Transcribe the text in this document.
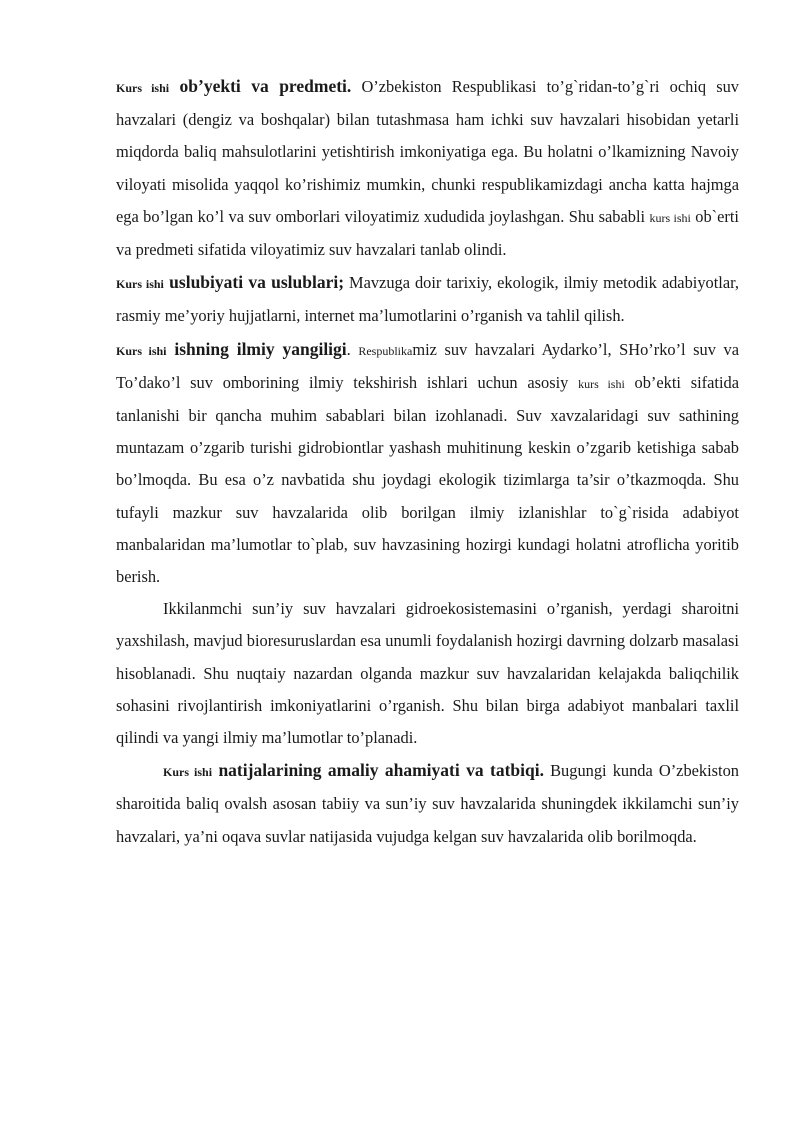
Kurs ishi ob’yekti va predmeti. O’zbekiston Respublikasi to’g`ridan-to’g`ri ochiq suv havzalari (dengiz va boshqalar) bilan tutashmasa ham ichki suv havzalari hisobidan yetarli miqdorda baliq mahsulotlarini yetishtirish imkoniyatiga ega. Bu holatni o’lkamizning Navoiy viloyati misolida yaqqol ko’rishimiz mumkin, chunki respublikamizdagi ancha katta hajmga ega bo’lgan ko’l va suv omborlari viloyatimiz xududida joylashgan. Shu sababli kurs ishi ob`erti va predmeti sifatida viloyatimiz suv havzalari tanlab olindi.

Kurs ishi uslubiyati va uslublari; Mavzuga doir tarixiy, ekologik, ilmiy metodik adabiyotlar, rasmiy me’yoriy hujjatlarni, internet ma’lumotlarini o’rganish va tahlil qilish.

Kurs ishi ishning ilmiy yangiligi. Respublikamiz suv havzalari Aydarko’l, SHo’rko’l suv va To’dako’l suv omborining ilmiy tekshirish ishlari uchun asosiy kurs ishi ob’ekti sifatida tanlanishi bir qancha muhim sabablari bilan izohlanadi. Suv xavzalaridagi suv sathining muntazam o’zgarib turishi gidrobiontlar yashash muhitinung keskin o’zgarib ketishiga sabab bo’lmoqda. Bu esa o’z navbatida shu joydagi ekologik tizimlarga ta’sir o’tkazmoqda. Shu tufayli mazkur suv havzalarida olib borilgan ilmiy izlanishlar to`g`risida adabiyot manbalaridan ma’lumotlar to`plab, suv havzasining hozirgi kundagi holatni atroflicha yoritib berish.

Ikkilanmchi sun’iy suv havzalari gidroekosistemasini o’rganish, yerdagi sharoitni yaxshilash, mavjud bioresuruslardan esa unumli foydalanish hozirgi davrning dolzarb masalasi hisoblanadi. Shu nuqtaiy nazardan olganda mazkur suv havzalaridan kelajakda baliqchilik sohasini rivojlantirish imkoniyatlarini o’rganish. Shu bilan birga adabiyot manbalari taxlil qilindi va yangi ilmiy ma’lumotlar to’planadi.

Kurs ishi natijalarining amaliy ahamiyati va tatbiqi. Bugungi kunda O’zbekiston sharoitida baliq ovalsh asosan tabiiy va sun’iy suv havzalarida shuningdek ikkilamchi sun’iy havzalari, ya’ni oqava suvlar natijasida vujudga kelgan suv havzalarida olib borilmoqda.
